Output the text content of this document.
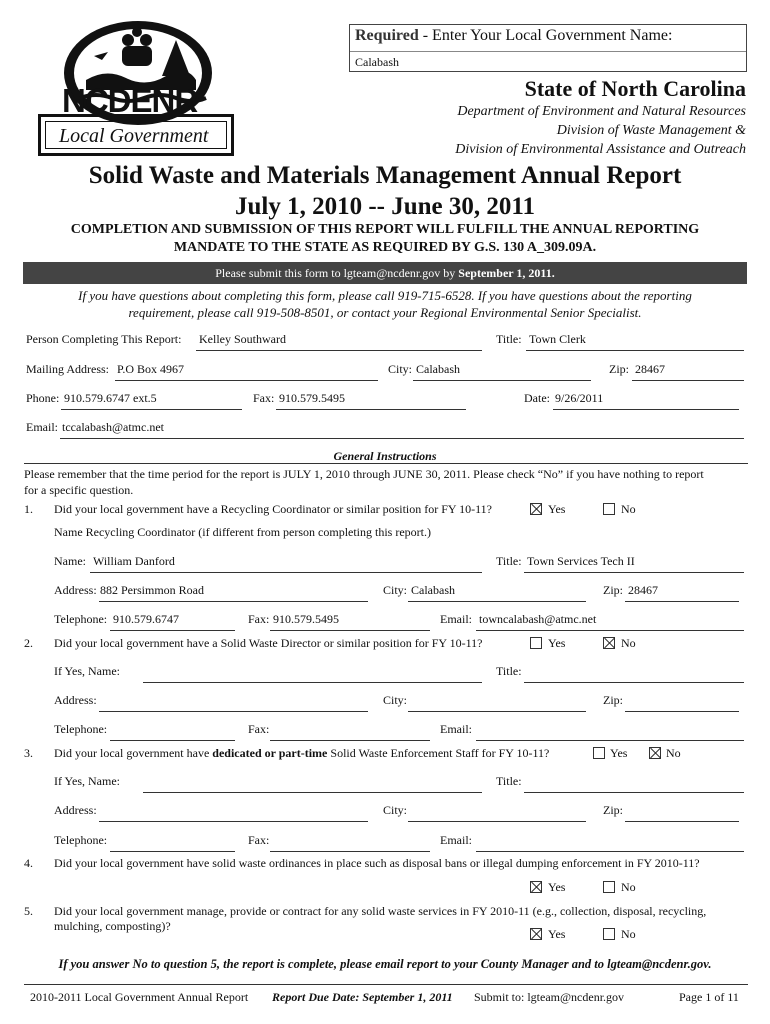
NCDENR
Local Government
Required - Enter Your Local Government Name:
Calabash
State of North Carolina
Department of Environment and Natural Resources
Division of Waste Management &
Division of Environmental Assistance and Outreach
Solid Waste and Materials Management Annual Report
July 1, 2010 -- June 30, 2011
COMPLETION AND SUBMISSION OF THIS REPORT WILL FULFILL THE ANNUAL REPORTING
MANDATE TO THE STATE AS REQUIRED BY G.S. 130 A_309.09A.
Please submit this form to lgteam@ncdenr.gov by September 1, 2011.
If you have questions about completing this form, please call 919-715-6528. If you have questions about the reporting
requirement, please call 919-508-8501, or contact your Regional Environmental Senior Specialist.
Person Completing This Report: Kelley Southward	Title: Town Clerk
Mailing Address: P.O Box 4967	City: Calabash	Zip: 28467
Phone: 910.579.6747 ext.5	Fax: 910.579.5495	Date: 9/26/2011
Email: tccalabash@atmc.net
General Instructions
Please remember that the time period for the report is JULY 1, 2010 through JUNE 30, 2011. Please check “No” if you have nothing to report
for a specific question.
1. Did your local government have a Recycling Coordinator or similar position for FY 10-11?	Yes	No
Name Recycling Coordinator (if different from person completing this report.)
Name: William Danford	Title: Town Services Tech II
Address: 882 Persimmon Road	City: Calabash	Zip: 28467
Telephone: 910.579.6747	Fax: 910.579.5495	Email: towncalabash@atmc.net
2. Did your local government have a Solid Waste Director or similar position for FY 10-11?	Yes	No
If Yes, Name:	Title:
Address:	City:	Zip:
Telephone:	Fax:	Email:
3. Did your local government have dedicated or part-time Solid Waste Enforcement Staff for FY 10-11?	Yes	No
If Yes, Name:	Title:
Address:	City:	Zip:
Telephone:	Fax:	Email:
4. Did your local government have solid waste ordinances in place such as disposal bans or illegal dumping enforcement in FY 2010-11?
Yes	No
5. Did your local government manage, provide or contract for any solid waste services in FY 2010-11 (e.g., collection, disposal, recycling,
mulching, composting)?
Yes	No
If you answer No to question 5, the report is complete, please email report to your County Manager and to lgteam@ncdenr.gov.
2010-2011 Local Government Annual Report Report Due Date: September 1, 2011 Submit to: lgteam@ncdenr.gov	Page 1 of 11
